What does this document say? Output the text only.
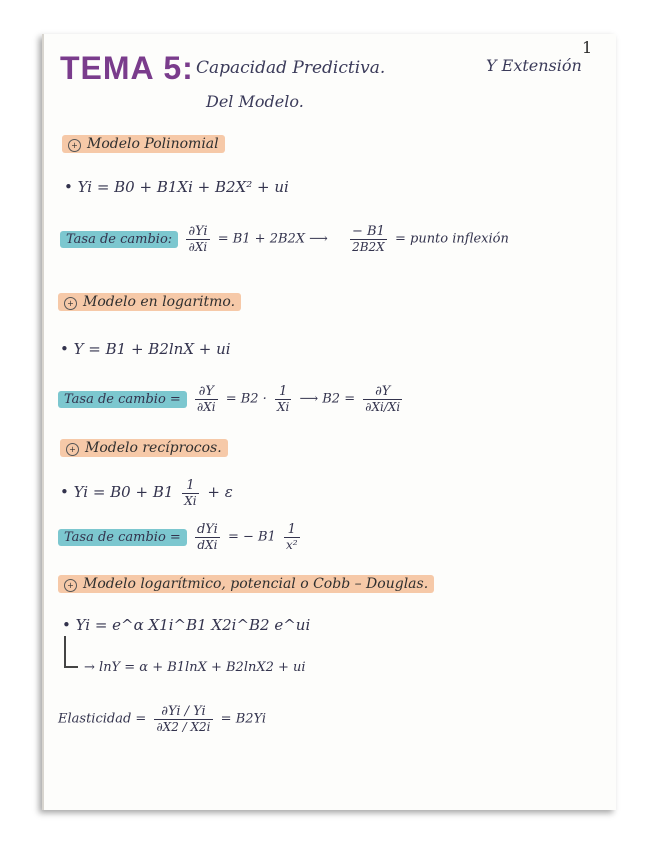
1
TEMA 5: Capacidad Predictiva.	Y Extensión
Del Modelo.
+ Modelo Polinomial
• Yi = B0 + B1Xi + B2X² + ui
Tasa de cambio: $\frac{\partial Yi}{\partial Xi} = B1 + 2B2X$ ⟶ $\frac{- B1}{2B2X}$ = punto inflexión
+ Modelo en logaritmo.
• Y = B1 + B2lnX + ui
Tasa de cambio = $\frac{\partial Y}{\partial Xi} = B2 \cdot \frac{1}{Xi}$ ⟶ $B2 = \frac{\partial Y}{\partial Xi/Xi}$
+ Modelo recíprocos.
• $Yi = B0 + B1 \frac{1}{Xi} + \varepsilon$
Tasa de cambio = $\frac{\text{dYi}}{\text{dXi}}$ = − $B1 \frac{1}{\text{x²}}$
+ Modelo logarítmico, potencial o Cobb – Douglas.
• Yi = e^α X1i^B1 X2i^B2 e^ui
→ lnY = α + B1lnX + B2lnX2 + ui
Elasticidad = $\frac{\partial Yi / Yi}{\partial X2 / X2i} = B2Yi$
